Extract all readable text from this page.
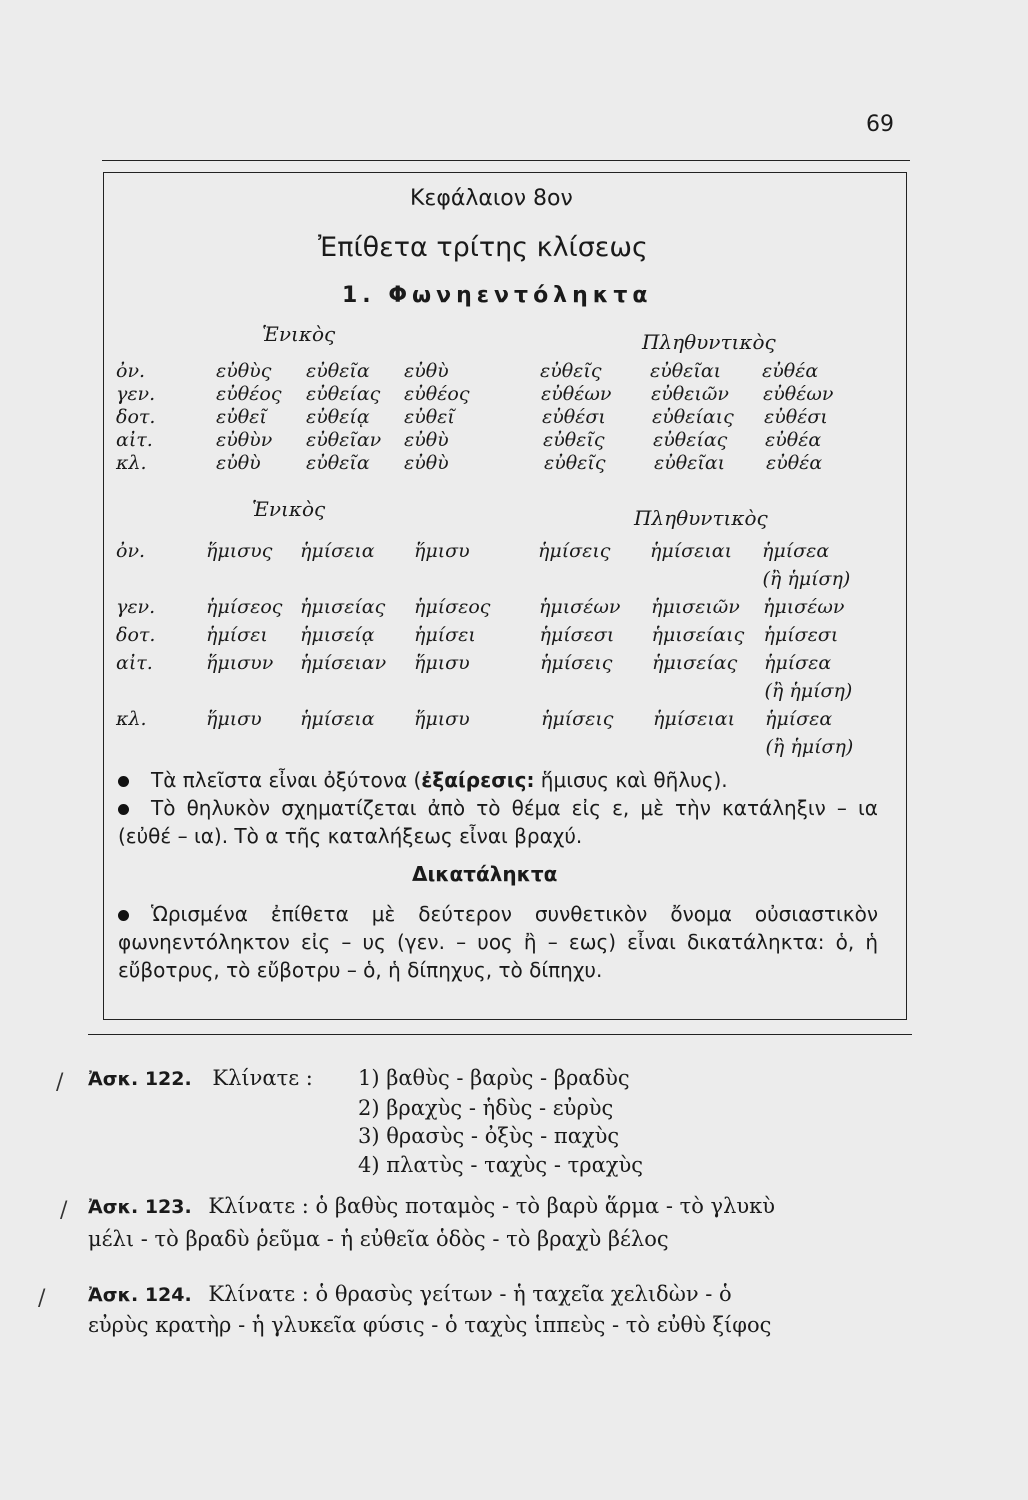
69
Κεφάλαιον 8ον
Ἐπίθετα τρίτης κλίσεως
1. Φωνηεντόληκτα
Ἑνικὸς	Πληθυντικὸς
ὀν.	εὐθὺς εὐθεῖα εὐθὺ	εὐθεῖς	εὐθεῖαι εὐθέα
γεν.	εὐθέος εὐθείας εὐθέος	εὐθέων εὐθειῶν εὐθέων
δοτ.	εὐθεῖ εὐθείᾳ εὐθεῖ	εὐθέσι εὐθείαις εὐθέσι
αἰτ.	εὐθὺν εὐθεῖαν εὐθὺ	εὐθεῖς	εὐθείας εὐθέα
κλ.	εὐθὺ εὐθεῖα εὐθὺ	εὐθεῖς	εὐθεῖαι εὐθέα
Ἑνικὸς	Πληθυντικὸς
ὀν.	ἥμισυς ἡμίσεια ἥμισυ	ἡμίσεις ἡμίσειαι ἡμίσεα
(ἢ ἡμίση)
γεν.	ἡμίσεος ἡμισείας ἡμίσεος	ἡμισέων ἡμισειῶν ἡμισέων
δοτ.	ἡμίσει ἡμισείᾳ ἡμίσει	ἡμίσεσι ἡμισείαις ἡμίσεσι
αἰτ.	ἥμισυν ἡμίσειαν ἥμισυ	ἡμίσεις ἡμισείας ἡμίσεα
(ἢ ἡμίση)
κλ.	ἥμισυ ἡμίσεια ἥμισυ	ἡμίσεις ἡμίσειαι ἡμίσεα
(ἢ ἡμίση)
Τὰ πλεῖστα εἶναι ὀξύτονα (ἐξαίρεσις: ἥμισυς καὶ θῆλυς).
Τὸ θηλυκὸν σχηματίζεται ἀπὸ τὸ θέμα εἰς ε, μὲ τὴν κατάληξιν – ια (εὐθέ – ια). Τὸ α τῆς καταλήξεως εἶναι βραχύ.
Δικατάληκτα
Ὡρισμένα ἐπίθετα μὲ δεύτερον συνθετικὸν ὄνομα οὐσιαστικὸν φωνηεντόληκτον εἰς – υς (γεν. – υος ἢ – εως) εἶναι δικατάληκτα: ὁ, ἡ εὔβοτρυς, τὸ εὔβοτρυ – ὁ, ἡ δίπηχυς, τὸ δίπηχυ.
/ Ἀσκ. 122. Κλίνατε : 1) βαθὺς - βαρὺς - βραδὺς
2) βραχὺς - ἡδὺς - εὐρὺς
3) θρασὺς - ὀξὺς - παχὺς
4) πλατὺς - ταχὺς - τραχὺς
/ Ἀσκ. 123. Κλίνατε : ὁ βαθὺς ποταμὸς - τὸ βαρὺ ἅρμα - τὸ γλυκὺ
μέλι - τὸ βραδὺ ῥεῦμα - ἡ εὐθεῖα ὁδὸς - τὸ βραχὺ βέλος
/ Ἀσκ. 124. Κλίνατε : ὁ θρασὺς γείτων - ἡ ταχεῖα χελιδὼν - ὁ
εὐρὺς κρατὴρ - ἡ γλυκεῖα φύσις - ὁ ταχὺς ἱππεὺς - τὸ εὐθὺ ξίφος
